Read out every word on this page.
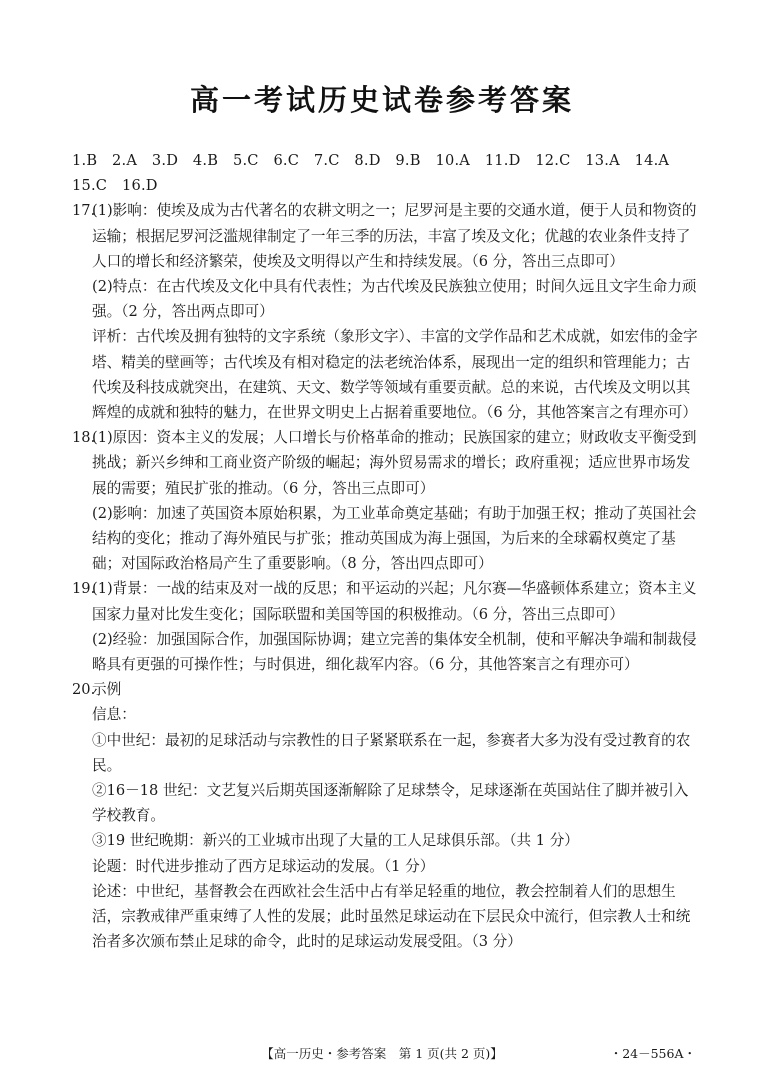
高一考试历史试卷参考答案
1.B　2.A　3.D　4.B　5.C　6.C　7.C　8.D　9.B　10.A　11.D　12.C　13.A　14.A
15.C　16.D
17.
(1)影响：使埃及成为古代著名的农耕文明之一；尼罗河是主要的交通水道，便于人员和物资的运输；根据尼罗河泛滥规律制定了一年三季的历法，丰富了埃及文化；优越的农业条件支持了人口的增长和经济繁荣，使埃及文明得以产生和持续发展。（6 分，答出三点即可）
(2)特点：在古代埃及文化中具有代表性；为古代埃及民族独立使用；时间久远且文字生命力顽强。（2 分，答出两点即可）
评析：古代埃及拥有独特的文字系统（象形文字）、丰富的文学作品和艺术成就，如宏伟的金字塔、精美的壁画等；古代埃及有相对稳定的法老统治体系，展现出一定的组织和管理能力；古代埃及科技成就突出，在建筑、天文、数学等领域有重要贡献。总的来说，古代埃及文明以其辉煌的成就和独特的魅力，在世界文明史上占据着重要地位。（6 分，其他答案言之有理亦可）
18.
(1)原因：资本主义的发展；人口增长与价格革命的推动；民族国家的建立；财政收支平衡受到挑战；新兴乡绅和工商业资产阶级的崛起；海外贸易需求的增长；政府重视；适应世界市场发展的需要；殖民扩张的推动。（6 分，答出三点即可）
(2)影响：加速了英国资本原始积累，为工业革命奠定基础；有助于加强王权；推动了英国社会结构的变化；推动了海外殖民与扩张；推动英国成为海上强国，为后来的全球霸权奠定了基础；对国际政治格局产生了重要影响。（8 分，答出四点即可）
19.
(1)背景：一战的结束及对一战的反思；和平运动的兴起；凡尔赛—华盛顿体系建立；资本主义国家力量对比发生变化；国际联盟和美国等国的积极推动。（6 分，答出三点即可）
(2)经验：加强国际合作，加强国际协调；建立完善的集体安全机制，使和平解决争端和制裁侵略具有更强的可操作性；与时俱进，细化裁军内容。（6 分，其他答案言之有理亦可）
20.
示例
信息：
①中世纪：最初的足球活动与宗教性的日子紧紧联系在一起，参赛者大多为没有受过教育的农民。
②16－18 世纪：文艺复兴后期英国逐渐解除了足球禁令，足球逐渐在英国站住了脚并被引入学校教育。
③19 世纪晚期：新兴的工业城市出现了大量的工人足球俱乐部。（共 1 分）
论题：时代进步推动了西方足球运动的发展。（1 分）
论述：中世纪，基督教会在西欧社会生活中占有举足轻重的地位，教会控制着人们的思想生活，宗教戒律严重束缚了人性的发展；此时虽然足球运动在下层民众中流行，但宗教人士和统治者多次颁布禁止足球的命令，此时的足球运动发展受阻。（3 分）
【高一历史・参考答案　第 1 页(共 2 页)】	・24－556A・
